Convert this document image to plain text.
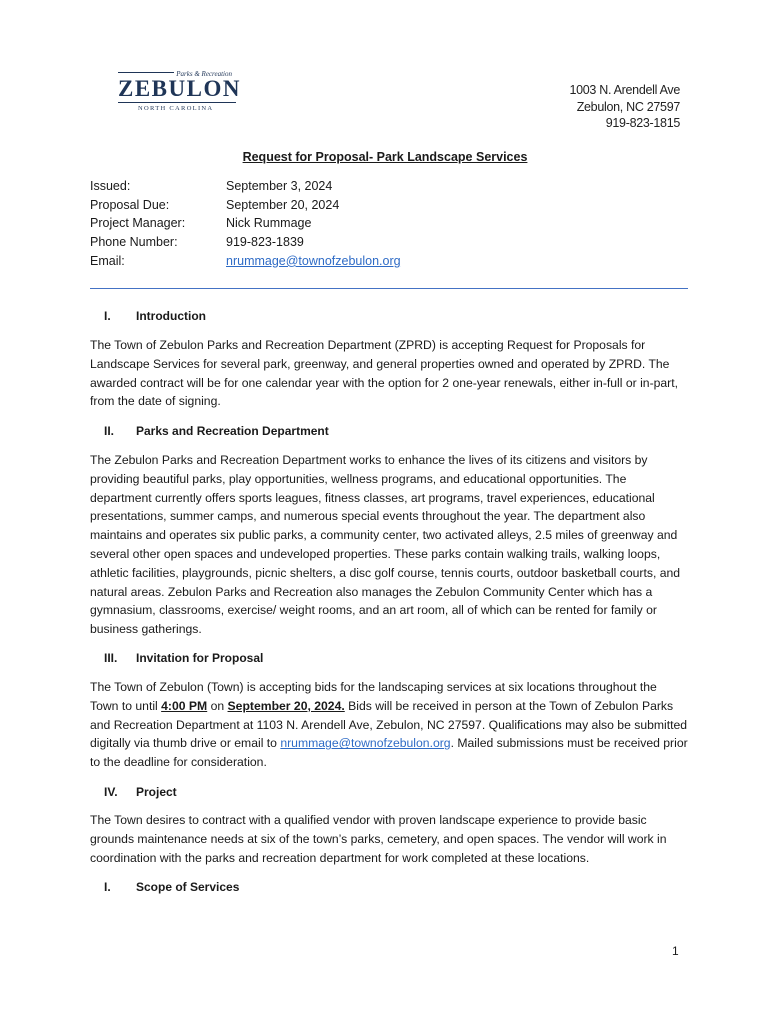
Parks & Recreation
ZEBULON
NORTH CAROLINA
1003 N. Arendell Ave
Zebulon, NC 27597
919-823-1815
Request for Proposal- Park Landscape Services
Issued:	September 3, 2024
Proposal Due:	September 20, 2024
Project Manager:	Nick Rummage
Phone Number:	919-823-1839
Email:	nrummage@townofzebulon.org
I.	Introduction
The Town of Zebulon Parks and Recreation Department (ZPRD) is accepting Request for Proposals for Landscape Services for several park, greenway, and general properties owned and operated by ZPRD. The awarded contract will be for one calendar year with the option for 2 one-year renewals, either in-full or in-part, from the date of signing.
II.	Parks and Recreation Department
The Zebulon Parks and Recreation Department works to enhance the lives of its citizens and visitors by providing beautiful parks, play opportunities, wellness programs, and educational opportunities. The department currently offers sports leagues, fitness classes, art programs, travel experiences, educational presentations, summer camps, and numerous special events throughout the year. The department also maintains and operates six public parks, a community center, two activated alleys, 2.5 miles of greenway and several other open spaces and undeveloped properties. These parks contain walking trails, walking loops, athletic facilities, playgrounds, picnic shelters, a disc golf course, tennis courts, outdoor basketball courts, and natural areas. Zebulon Parks and Recreation also manages the Zebulon Community Center which has a gymnasium, classrooms, exercise/ weight rooms, and an art room, all of which can be rented for family or business gatherings.
III.	Invitation for Proposal
The Town of Zebulon (Town) is accepting bids for the landscaping services at six locations throughout the Town to until 4:00 PM on September 20, 2024. Bids will be received in person at the Town of Zebulon Parks and Recreation Department at 1103 N. Arendell Ave, Zebulon, NC 27597. Qualifications may also be submitted digitally via thumb drive or email to nrummage@townofzebulon.org. Mailed submissions must be received prior to the deadline for consideration.
IV.	Project
The Town desires to contract with a qualified vendor with proven landscape experience to provide basic grounds maintenance needs at six of the town’s parks, cemetery, and open spaces. The vendor will work in coordination with the parks and recreation department for work completed at these locations.
I.	Scope of Services
1
